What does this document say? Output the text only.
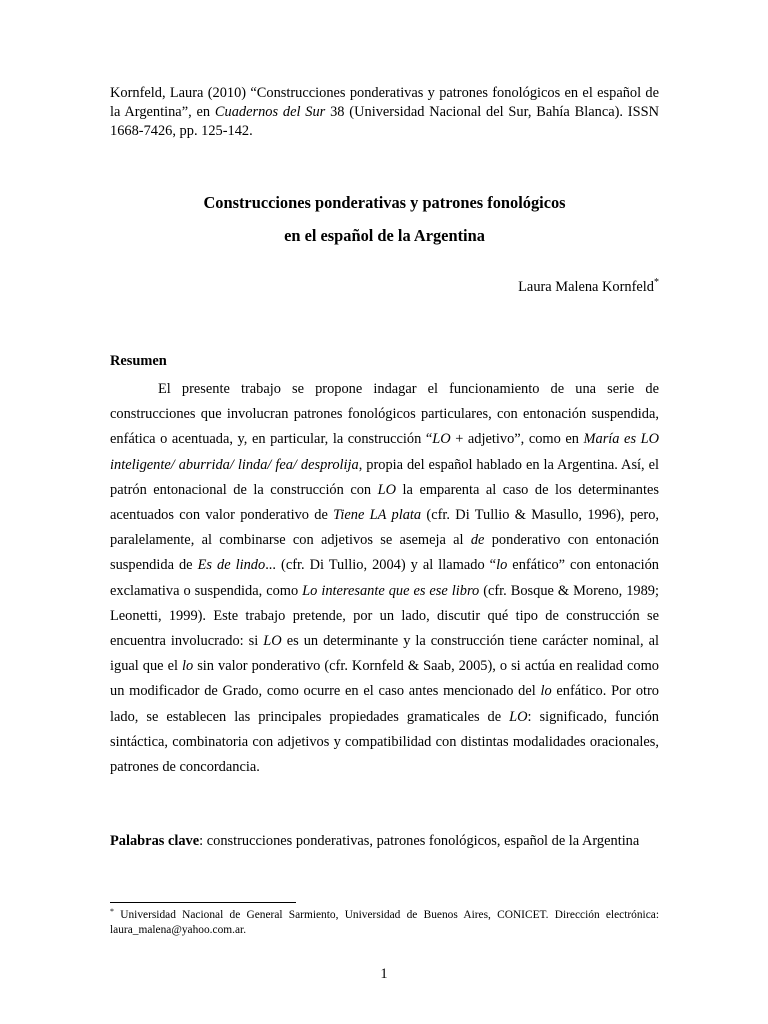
Kornfeld, Laura (2010) “Construcciones ponderativas y patrones fonológicos en el español de la Argentina”, en Cuadernos del Sur 38 (Universidad Nacional del Sur, Bahía Blanca). ISSN 1668-7426, pp. 125-142.

Construcciones ponderativas y patrones fonológicos
en el español de la Argentina
Laura Malena Kornfeld*
Resumen

El presente trabajo se propone indagar el funcionamiento de una serie de construcciones que involucran patrones fonológicos particulares, con entonación suspendida, enfática o acentuada, y, en particular, la construcción “LO + adjetivo”, como en María es LO inteligente/ aburrida/ linda/ fea/ desprolija, propia del español hablado en la Argentina. Así, el patrón entonacional de la construcción con LO la emparenta al caso de los determinantes acentuados con valor ponderativo de Tiene LA plata (cfr. Di Tullio & Masullo, 1996), pero, paralelamente, al combinarse con adjetivos se asemeja al de ponderativo con entonación suspendida de Es de lindo... (cfr. Di Tullio, 2004) y al llamado “lo enfático” con entonación exclamativa o suspendida, como Lo interesante que es ese libro (cfr. Bosque & Moreno, 1989; Leonetti, 1999). Este trabajo pretende, por un lado, discutir qué tipo de construcción se encuentra involucrado: si LO es un determinante y la construcción tiene carácter nominal, al igual que el lo sin valor ponderativo (cfr. Kornfeld & Saab, 2005), o si actúa en realidad como un modificador de Grado, como ocurre en el caso antes mencionado del lo enfático. Por otro lado, se establecen las principales propiedades gramaticales de LO: significado, función sintáctica, combinatoria con adjetivos y compatibilidad con distintas modalidades oracionales, patrones de concordancia.

Palabras clave: construcciones ponderativas, patrones fonológicos, español de la Argentina

* Universidad Nacional de General Sarmiento, Universidad de Buenos Aires, CONICET. Dirección electrónica: laura_malena@yahoo.com.ar.

1
